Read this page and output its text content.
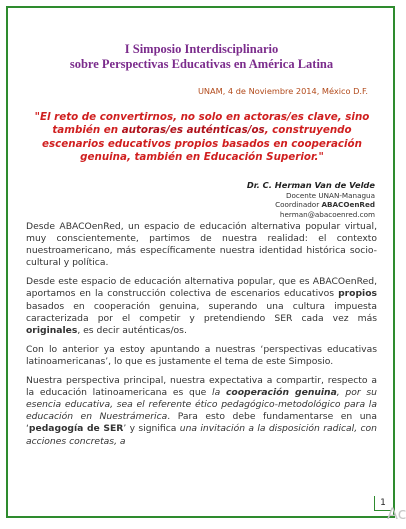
I Simposio Interdisciplinario
sobre Perspectivas Educativas en América Latina
UNAM, 4 de Noviembre 2014, México D.F.
"El reto de convertirnos, no solo en actoras/es clave, sino
también en autoras/es auténticas/os, construyendo
escenarios educativos propios basados en cooperación
genuina, también en Educación Superior."
Dr. C. Herman Van de Velde
Docente UNAN-Managua
Coordinador ABACOenRed
herman@abacoenred.com

Desde ABACOenRed, un espacio de educación alternativa popular virtual, muy conscientemente, partimos de nuestra realidad: el contexto nuestroamericano, más específicamente nuestra identidad histórica socio-cultural y política.

Desde este espacio de educación alternativa popular, que es ABACOenRed, aportamos en la construcción colectiva de escenarios educativos propios basados en cooperación genuina, superando una cultura impuesta caracterizada por el competir y pretendiendo SER cada vez más originales, es decir auténticas/os.

Con lo anterior ya estoy apuntando a nuestras ‘perspectivas educativas latinoamericanas’, lo que es justamente el tema de este Simposio.

Nuestra perspectiva principal, nuestra expectativa a compartir, respecto a la educación latinoamericana es que la cooperación genuina, por su esencia educativa, sea el referente ético pedagógico-metodológico para la educación en Nuestrámerica. Para esto debe fundamentarse en una ‘pedagogía de SER’ y significa una invitación a la disposición radical, con acciones concretas, a

1
Ac
